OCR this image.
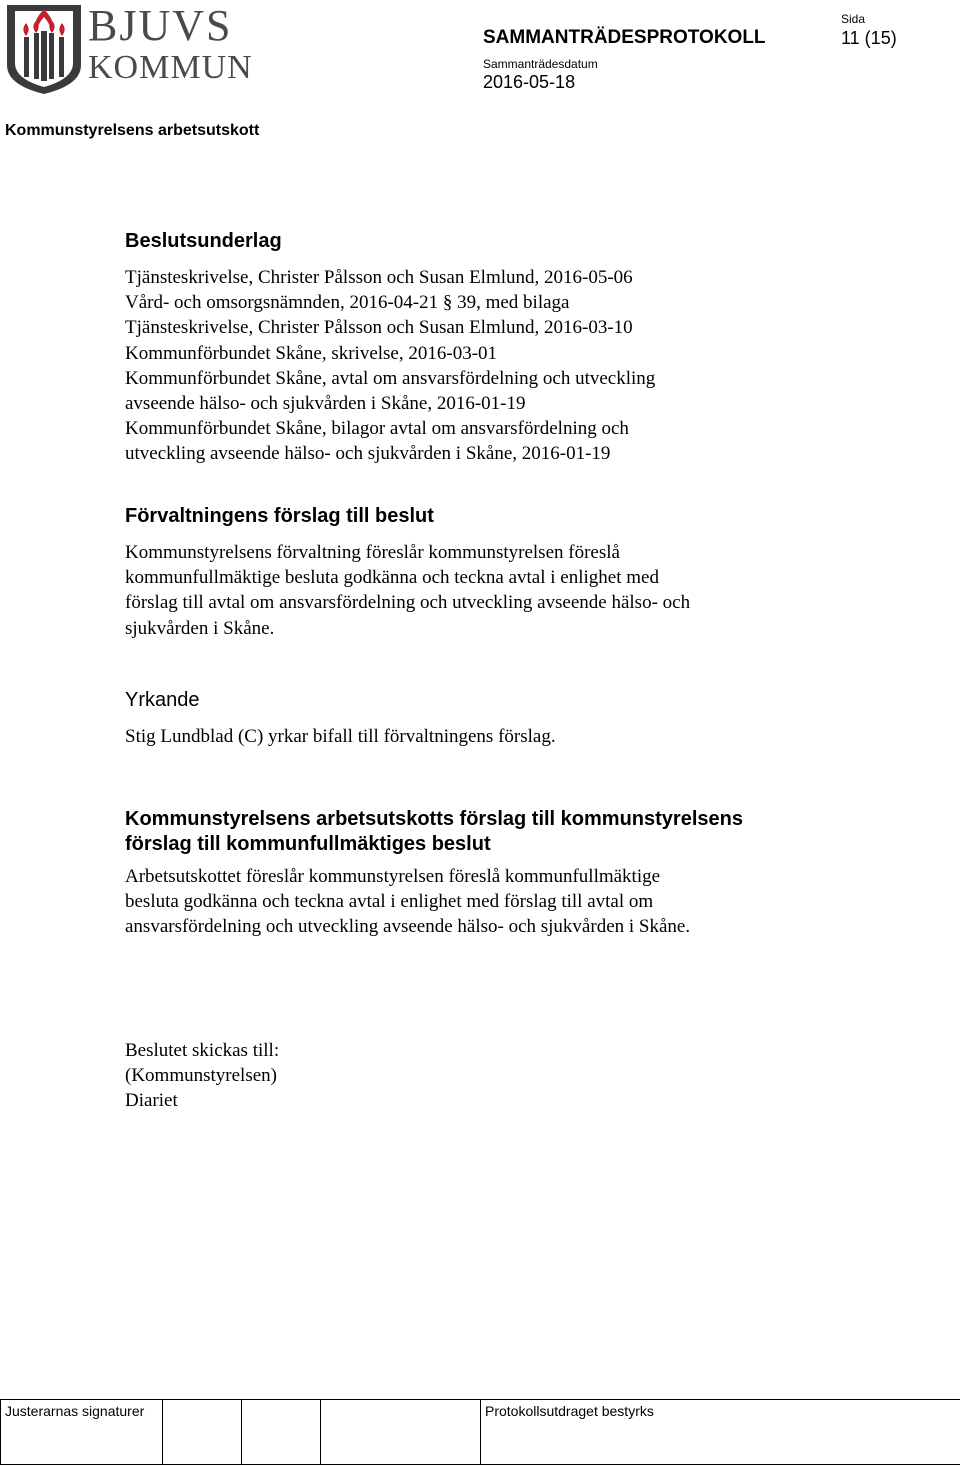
BJUVS
KOMMUN
SAMMANTRÄDESPROTOKOLL
Sammanträdesdatum
2016-05-18
Sida
11 (15)
Kommunstyrelsens arbetsutskott
Beslutsunderlag
Tjänsteskrivelse, Christer Pålsson och Susan Elmlund, 2016-05-06
Vård- och omsorgsnämnden, 2016-04-21 § 39, med bilaga
Tjänsteskrivelse, Christer Pålsson och Susan Elmlund, 2016-03-10
Kommunförbundet Skåne, skrivelse, 2016-03-01
Kommunförbundet Skåne, avtal om ansvarsfördelning och utveckling
avseende hälso- och sjukvården i Skåne, 2016-01-19
Kommunförbundet Skåne, bilagor avtal om ansvarsfördelning och
utveckling avseende hälso- och sjukvården i Skåne, 2016-01-19
Förvaltningens förslag till beslut
Kommunstyrelsens förvaltning föreslår kommunstyrelsen föreslå
kommunfullmäktige besluta godkänna och teckna avtal i enlighet med
förslag till avtal om ansvarsfördelning och utveckling avseende hälso- och
sjukvården i Skåne.
Yrkande
Stig Lundblad (C) yrkar bifall till förvaltningens förslag.
Kommunstyrelsens arbetsutskotts förslag till kommunstyrelsens
förslag till kommunfullmäktiges beslut
Arbetsutskottet föreslår kommunstyrelsen föreslå kommunfullmäktige
besluta godkänna och teckna avtal i enlighet med förslag till avtal om
ansvarsfördelning och utveckling avseende hälso- och sjukvården i Skåne.
Beslutet skickas till:
(Kommunstyrelsen)
Diariet
Justerarnas signaturer				Protokollsutdraget bestyrks
